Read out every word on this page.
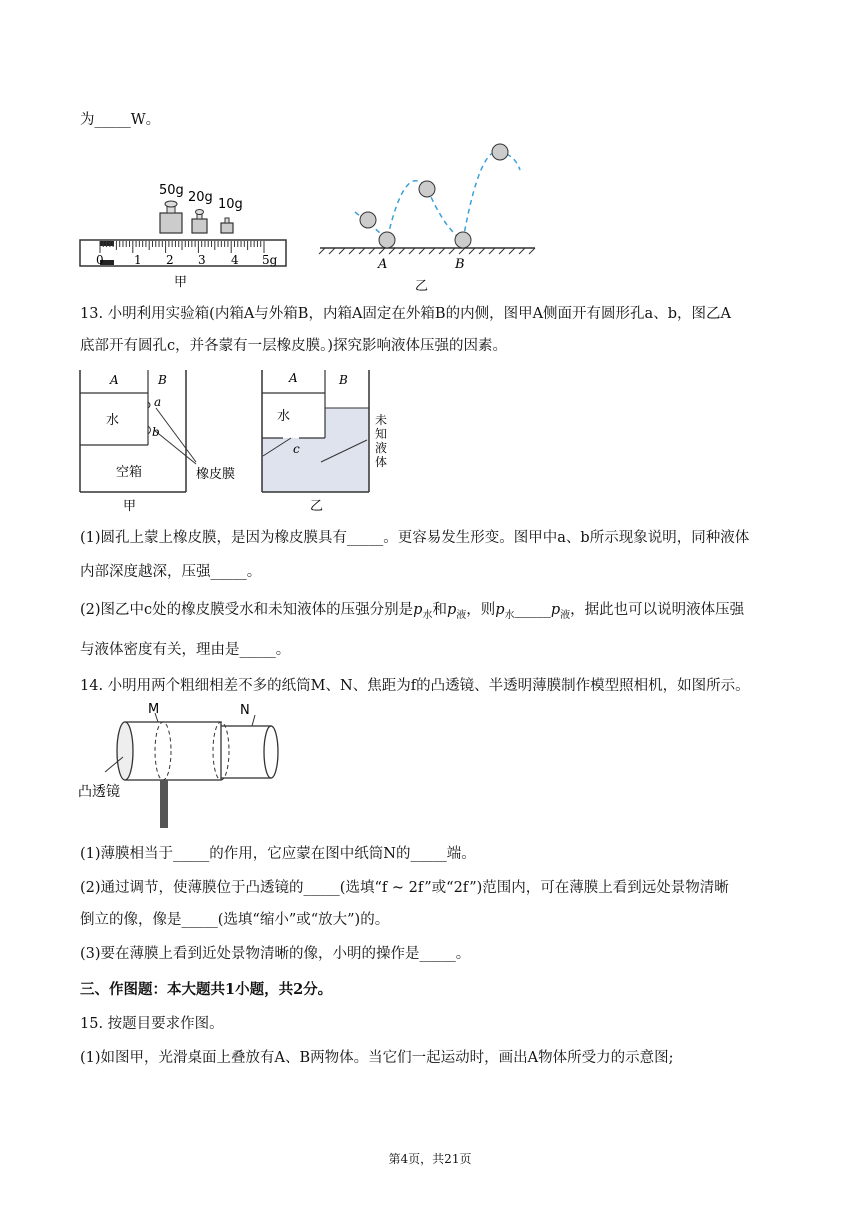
为_____W。
50g 20g 10g
0	1 2 3 4 5g
甲
A	B
乙
13. 小明利用实验箱(内箱A与外箱B，内箱A固定在外箱B的内侧，图甲A侧面开有圆形孔a、b，图乙A
底部开有圆孔c，并各蒙有一层橡皮膜。)探究影响液体压强的因素。
A	B
水
a
b
空箱	橡皮膜
甲
A	B
水
c
未
知
液
体
乙
(1)圆孔上蒙上橡皮膜，是因为橡皮膜具有_____。更容易发生形变。图甲中a、b所示现象说明，同种液体
内部深度越深，压强_____。
(2)图乙中c处的橡皮膜受水和未知液体的压强分别是$p_水$和$p_液$，则$p_水\_\_\_\_\_p_液$，据此也可以说明液体压强
与液体密度有关，理由是_____。
14. 小明用两个粗细相差不多的纸筒M、N、焦距为f的凸透镜、半透明薄膜制作模型照相机，如图所示。
M	N
凸透镜
(1)薄膜相当于_____的作用，它应蒙在图中纸筒N的_____端。
(2)通过调节，使薄膜位于凸透镜的_____(选填“f ~ 2f”或“2f”)范围内，可在薄膜上看到远处景物清晰
倒立的像，像是_____(选填“缩小”或“放大”)的。
(3)要在薄膜上看到近处景物清晰的像，小明的操作是_____。
三、作图题：本大题共1小题，共2分。
15. 按题目要求作图。
(1)如图甲，光滑桌面上叠放有A、B两物体。当它们一起运动时，画出A物体所受力的示意图;
第4页，共21页
